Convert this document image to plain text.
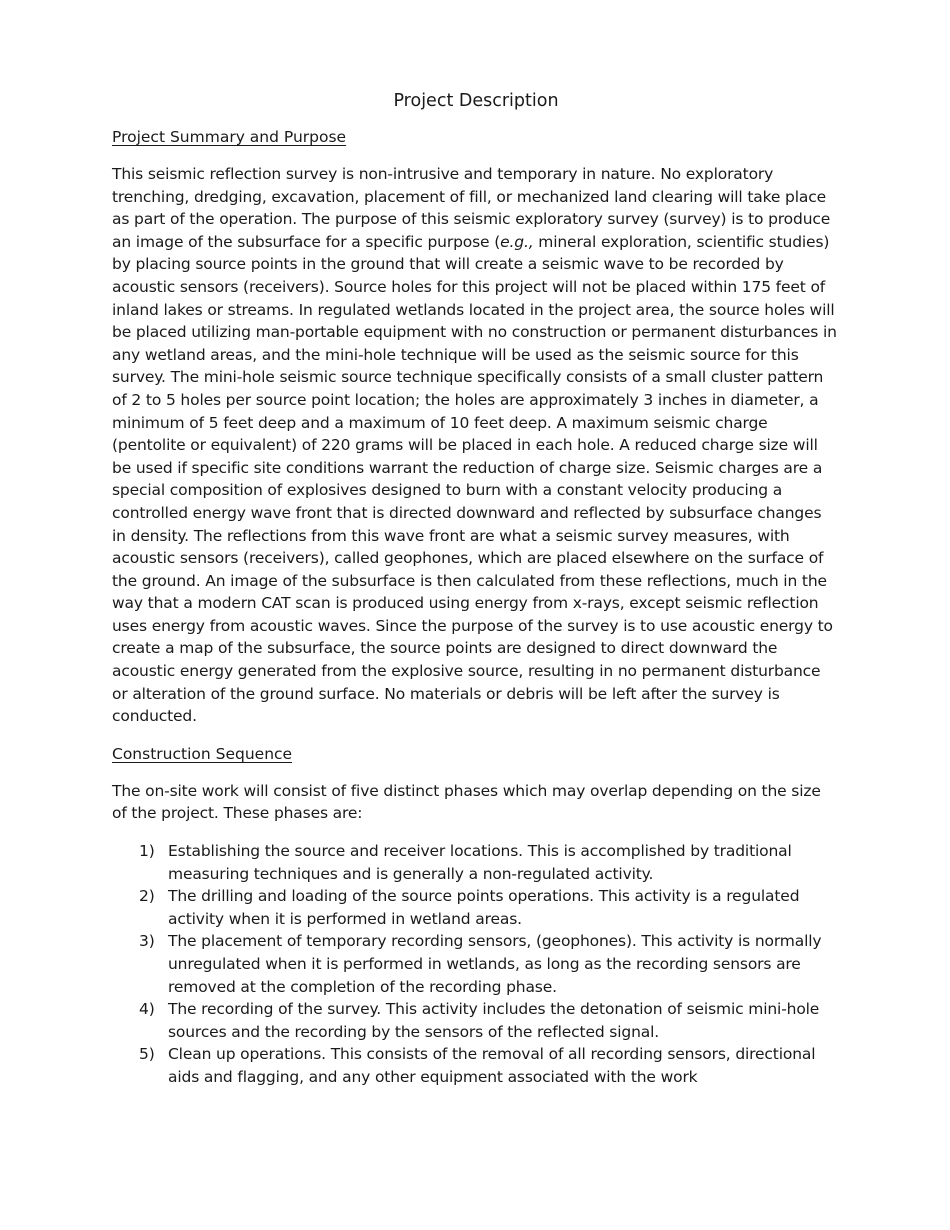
Project Description
Project Summary and Purpose

This seismic reflection survey is non-intrusive and temporary in nature. No exploratory trenching, dredging, excavation, placement of fill, or mechanized land clearing will take place as part of the operation. The purpose of this seismic exploratory survey (survey) is to produce an image of the subsurface for a specific purpose (e.g., mineral exploration, scientific studies) by placing source points in the ground that will create a seismic wave to be recorded by acoustic sensors (receivers). Source holes for this project will not be placed within 175 feet of inland lakes or streams. In regulated wetlands located in the project area, the source holes will be placed utilizing man-portable equipment with no construction or permanent disturbances in any wetland areas, and the mini-hole technique will be used as the seismic source for this survey. The mini-hole seismic source technique specifically consists of a small cluster pattern of 2 to 5 holes per source point location; the holes are approximately 3 inches in diameter, a minimum of 5 feet deep and a maximum of 10 feet deep. A maximum seismic charge (pentolite or equivalent) of 220 grams will be placed in each hole. A reduced charge size will be used if specific site conditions warrant the reduction of charge size. Seismic charges are a special composition of explosives designed to burn with a constant velocity producing a controlled energy wave front that is directed downward and reflected by subsurface changes in density. The reflections from this wave front are what a seismic survey measures, with acoustic sensors (receivers), called geophones, which are placed elsewhere on the surface of the ground. An image of the subsurface is then calculated from these reflections, much in the way that a modern CAT scan is produced using energy from x-rays, except seismic reflection uses energy from acoustic waves. Since the purpose of the survey is to use acoustic energy to create a map of the subsurface, the source points are designed to direct downward the acoustic energy generated from the explosive source, resulting in no permanent disturbance or alteration of the ground surface. No materials or debris will be left after the survey is conducted.

Construction Sequence

The on-site work will consist of five distinct phases which may overlap depending on the size of the project. These phases are:

1) Establishing the source and receiver locations. This is accomplished by traditional measuring techniques and is generally a non-regulated activity.
2) The drilling and loading of the source points operations. This activity is a regulated activity when it is performed in wetland areas.
3) The placement of temporary recording sensors, (geophones). This activity is normally unregulated when it is performed in wetlands, as long as the recording sensors are removed at the completion of the recording phase.
4) The recording of the survey. This activity includes the detonation of seismic mini-hole sources and the recording by the sensors of the reflected signal.
5) Clean up operations. This consists of the removal of all recording sensors, directional aids and flagging, and any other equipment associated with the work
